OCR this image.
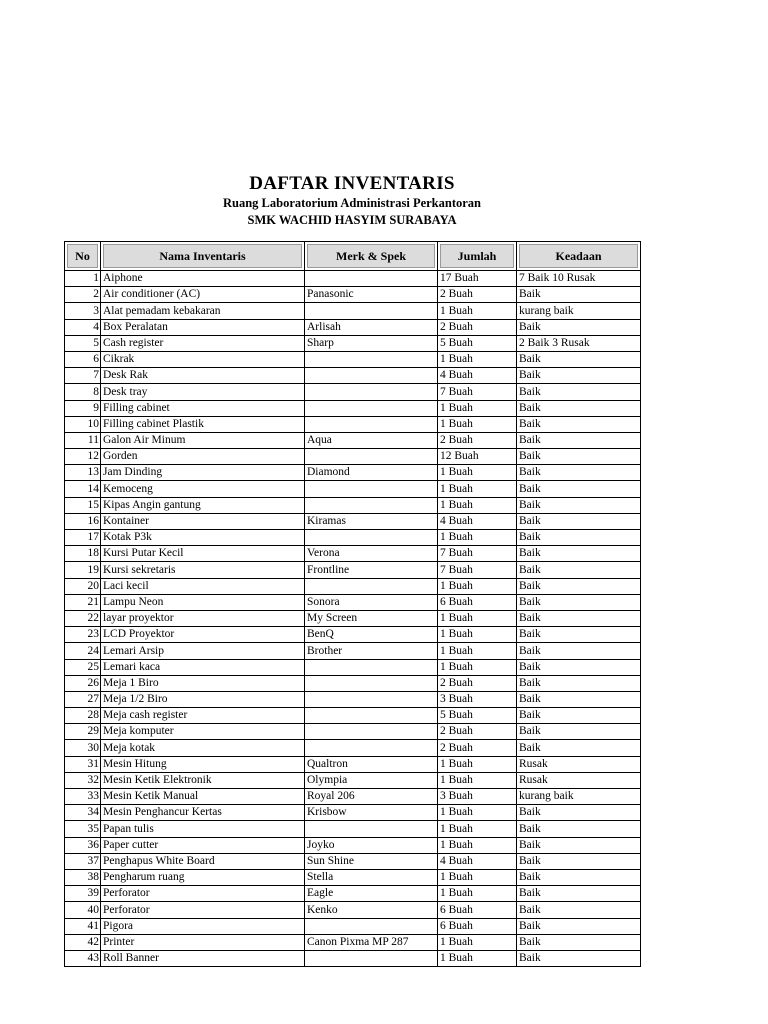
DAFTAR INVENTARIS
Ruang Laboratorium Administrasi Perkantoran
SMK WACHID HASYIM SURABAYA
No	Nama Inventaris	Merk & Spek	Jumlah	Keadaan

1	Aiphone		17 Buah	7 Baik 10 Rusak
2	Air conditioner (AC)	Panasonic	2 Buah	Baik
3	Alat pemadam kebakaran		1 Buah	kurang baik
4	Box Peralatan	Arlisah	2 Buah	Baik
5	Cash register	Sharp	5 Buah	2 Baik 3 Rusak
6	Cikrak		1 Buah	Baik
7	Desk Rak		4 Buah	Baik
8	Desk tray		7 Buah	Baik
9	Filling cabinet		1 Buah	Baik
10	Filling cabinet Plastik		1 Buah	Baik
11	Galon Air Minum	Aqua	2 Buah	Baik
12	Gorden		12 Buah	Baik
13	Jam Dinding	Diamond	1 Buah	Baik
14	Kemoceng		1 Buah	Baik
15	Kipas Angin gantung		1 Buah	Baik
16	Kontainer	Kiramas	4 Buah	Baik
17	Kotak P3k		1 Buah	Baik
18	Kursi Putar Kecil	Verona	7 Buah	Baik
19	Kursi sekretaris	Frontline	7 Buah	Baik
20	Laci kecil		1 Buah	Baik
21	Lampu Neon	Sonora	6 Buah	Baik
22	layar proyektor	My Screen	1 Buah	Baik
23	LCD Proyektor	BenQ	1 Buah	Baik
24	Lemari Arsip	Brother	1 Buah	Baik
25	Lemari kaca		1 Buah	Baik
26	Meja 1 Biro		2 Buah	Baik
27	Meja 1/2 Biro		3 Buah	Baik
28	Meja cash register		5 Buah	Baik
29	Meja komputer		2 Buah	Baik
30	Meja kotak		2 Buah	Baik
31	Mesin Hitung	Qualtron	1 Buah	Rusak
32	Mesin Ketik Elektronik	Olympia	1 Buah	Rusak
33	Mesin Ketik Manual	Royal 206	3 Buah	kurang baik
34	Mesin Penghancur Kertas	Krisbow	1 Buah	Baik
35	Papan tulis		1 Buah	Baik
36	Paper cutter	Joyko	1 Buah	Baik
37	Penghapus White Board	Sun Shine	4 Buah	Baik
38	Pengharum ruang	Stella	1 Buah	Baik
39	Perforator	Eagle	1 Buah	Baik
40	Perforator	Kenko	6 Buah	Baik
41	Pigora		6 Buah	Baik
42	Printer	Canon Pixma MP 287	1 Buah	Baik
43	Roll Banner		1 Buah	Baik
